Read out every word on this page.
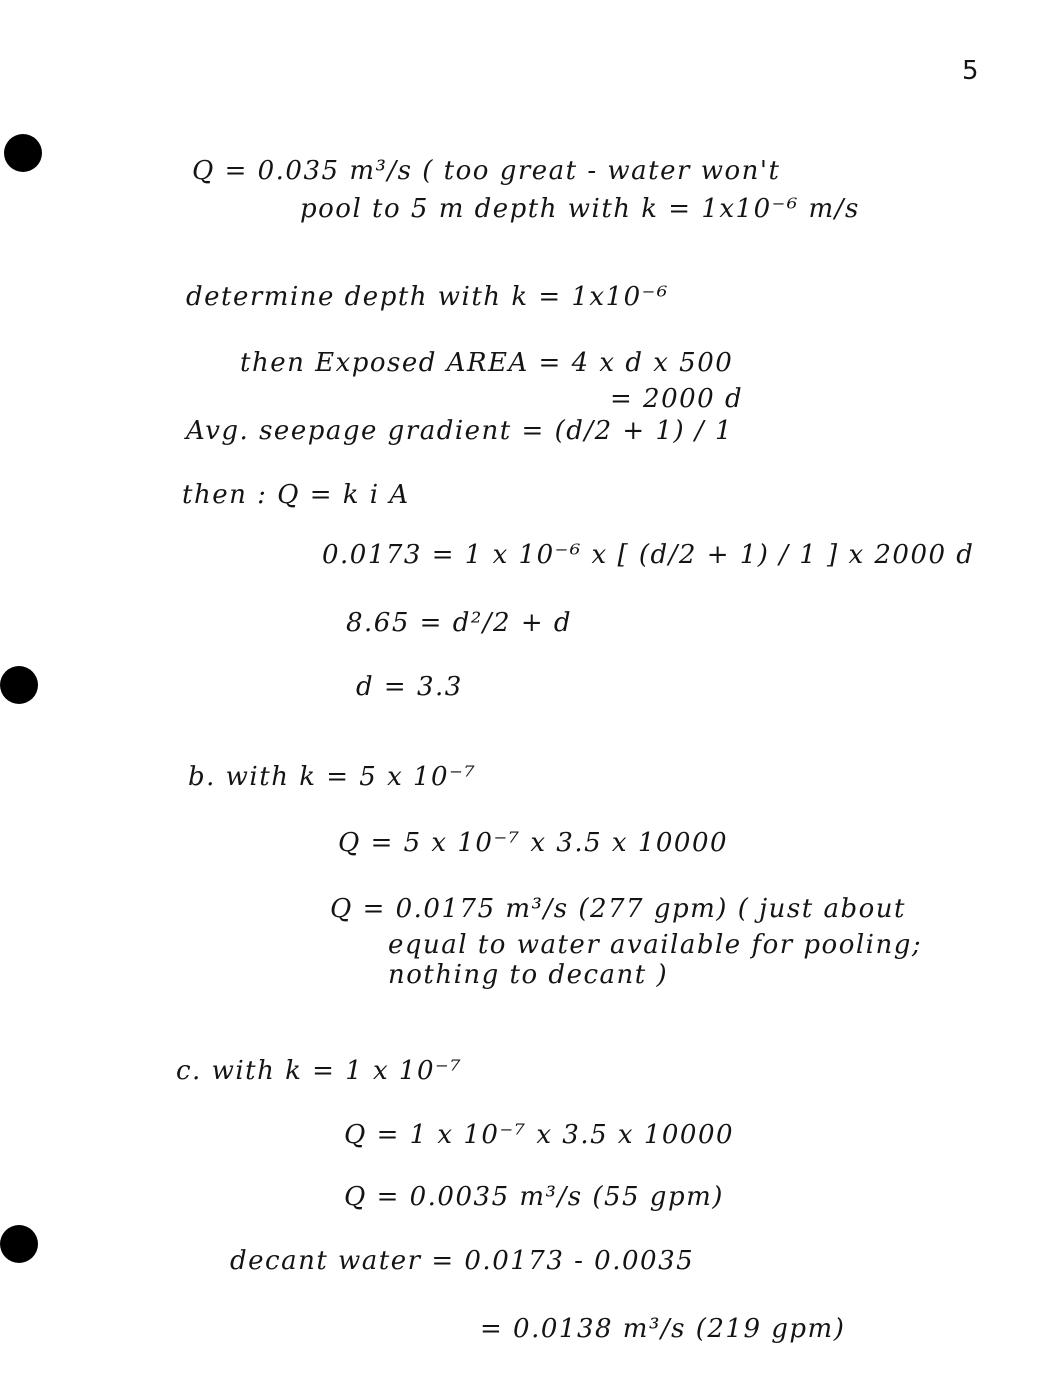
5
Q = 0.035 m³/s ( too great - water won't
pool to 5 m depth with k = 1x10⁻⁶ m/s
determine depth with k = 1x10⁻⁶
then Exposed AREA = 4 x d x 500
= 2000 d
Avg. seepage gradient = (d/2 + 1) / 1
then : Q = k i A
0.0173 = 1 x 10⁻⁶ x [ (d/2 + 1) / 1 ] x 2000 d
8.65 = d²/2 + d
d = 3.3
b. with k = 5 x 10⁻⁷
Q = 5 x 10⁻⁷ x 3.5 x 10000
Q = 0.0175 m³/s (277 gpm) ( just about
equal to water available for pooling;
nothing to decant )
c. with k = 1 x 10⁻⁷
Q = 1 x 10⁻⁷ x 3.5 x 10000
Q = 0.0035 m³/s (55 gpm)
decant water = 0.0173 - 0.0035
= 0.0138 m³/s (219 gpm)
